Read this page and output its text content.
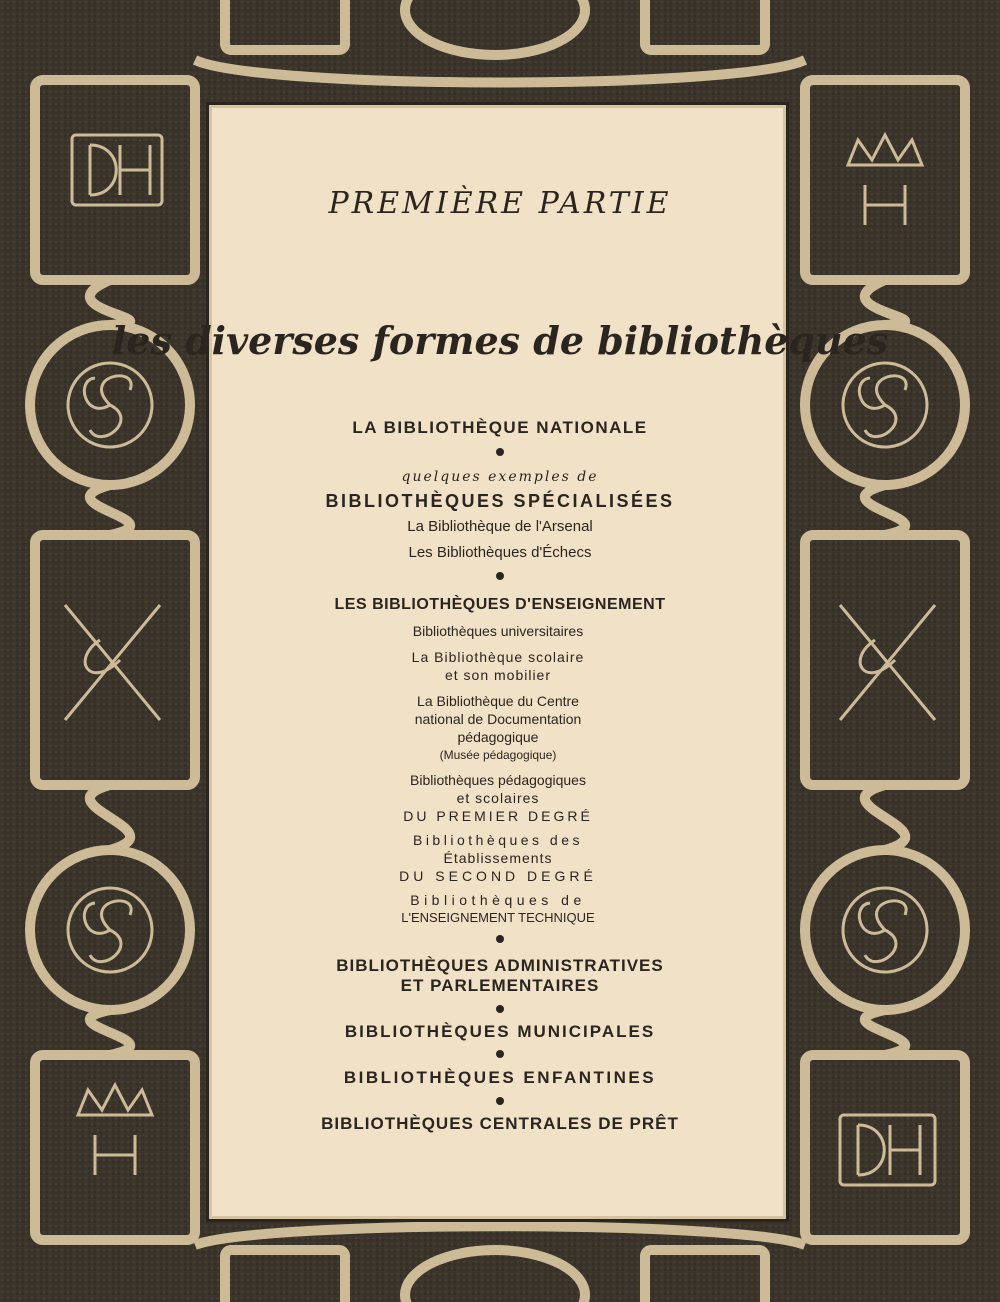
PREMIÈRE PARTIE
les diverses formes de bibliothèques
LA BIBLIOTHÈQUE NATIONALE
quelques exemples de
BIBLIOTHÈQUES SPÉCIALISÉES
La Bibliothèque de l'Arsenal
Les Bibliothèques d'Échecs
LES BIBLIOTHÈQUES D'ENSEIGNEMENT
Bibliothèques universitaires
La Bibliothèque scolaire
et son mobilier
La Bibliothèque du Centre
national de Documentation
pédagogique
(Musée pédagogique)
Bibliothèques pédagogiques
et scolaires
DU PREMIER DEGRÉ
Bibliothèques des
Établissements
DU SECOND DEGRÉ
Bibliothèques de
L'ENSEIGNEMENT TECHNIQUE
BIBLIOTHÈQUES ADMINISTRATIVES
ET PARLEMENTAIRES
BIBLIOTHÈQUES MUNICIPALES
BIBLIOTHÈQUES ENFANTINES
BIBLIOTHÈQUES CENTRALES DE PRÊT
